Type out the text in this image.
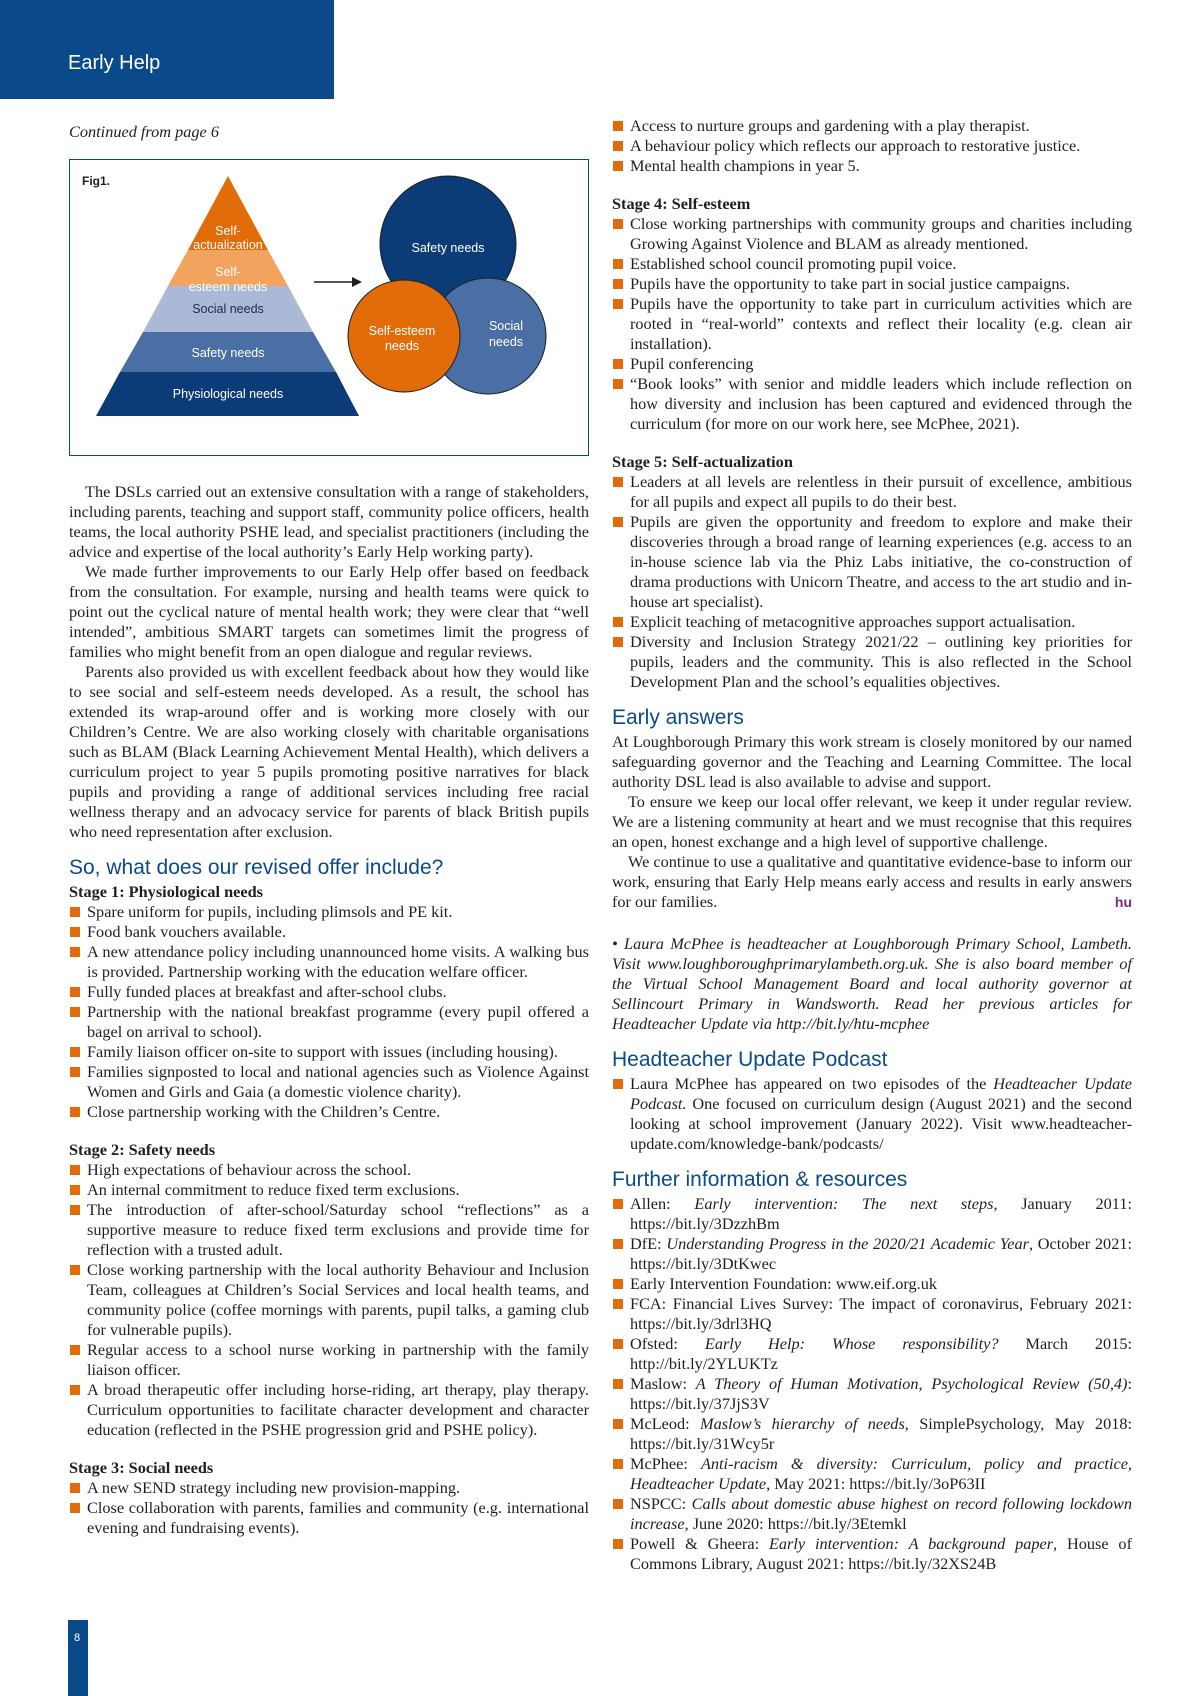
Early Help

Continued from page 6

Fig1.
Self-
actualization
Self-
esteem needs
Social needs
Safety needs
Physiological needs
Safety needs
Self-esteem
needs
Social
needs

The DSLs carried out an extensive consultation with a range of stakeholders, including parents, teaching and support staff, community police officers, health teams, the local authority PSHE lead, and specialist practitioners (including the advice and expertise of the local authority’s Early Help working party).

We made further improvements to our Early Help offer based on feedback from the consultation. For example, nursing and health teams were quick to point out the cyclical nature of mental health work; they were clear that “well intended”, ambitious SMART targets can sometimes limit the progress of families who might benefit from an open dialogue and regular reviews.

Parents also provided us with excellent feedback about how they would like to see social and self-esteem needs developed. As a result, the school has extended its wrap-around offer and is working more closely with our Children’s Centre. We are also working closely with charitable organisations such as BLAM (Black Learning Achievement Mental Health), which delivers a curriculum project to year 5 pupils promoting positive narratives for black pupils and providing a range of additional services including free racial wellness therapy and an advocacy service for parents of black British pupils who need representation after exclusion.

So, what does our revised offer include?
Stage 1: Physiological needs
Spare uniform for pupils, including plimsols and PE kit.
Food bank vouchers available.
A new attendance policy including unannounced home visits. A walking bus is provided. Partnership working with the education welfare officer.
Fully funded places at breakfast and after-school clubs.
Partnership with the national breakfast programme (every pupil offered a bagel on arrival to school).
Family liaison officer on-site to support with issues (including housing).
Families signposted to local and national agencies such as Violence Against Women and Girls and Gaia (a domestic violence charity).
Close partnership working with the Children’s Centre.
Stage 2: Safety needs
High expectations of behaviour across the school.
An internal commitment to reduce fixed term exclusions.
The introduction of after-school/Saturday school “reflections” as a supportive measure to reduce fixed term exclusions and provide time for reflection with a trusted adult.
Close working partnership with the local authority Behaviour and Inclusion Team, colleagues at Children’s Social Services and local health teams, and community police (coffee mornings with parents, pupil talks, a gaming club for vulnerable pupils).
Regular access to a school nurse working in partnership with the family liaison officer.
A broad therapeutic offer including horse-riding, art therapy, play therapy. Curriculum opportunities to facilitate character development and character education (reflected in the PSHE progression grid and PSHE policy).
Stage 3: Social needs
A new SEND strategy including new provision-mapping.
Close collaboration with parents, families and community (e.g. international evening and fundraising events).
Access to nurture groups and gardening with a play therapist.
A behaviour policy which reflects our approach to restorative justice.
Mental health champions in year 5.
Stage 4: Self-esteem
Close working partnerships with community groups and charities including Growing Against Violence and BLAM as already mentioned.
Established school council promoting pupil voice.
Pupils have the opportunity to take part in social justice campaigns.
Pupils have the opportunity to take part in curriculum activities which are rooted in “real-world” contexts and reflect their locality (e.g. clean air installation).
Pupil conferencing
“Book looks” with senior and middle leaders which include reflection on how diversity and inclusion has been captured and evidenced through the curriculum (for more on our work here, see McPhee, 2021).
Stage 5: Self-actualization
Leaders at all levels are relentless in their pursuit of excellence, ambitious for all pupils and expect all pupils to do their best.
Pupils are given the opportunity and freedom to explore and make their discoveries through a broad range of learning experiences (e.g. access to an in-house science lab via the Phiz Labs initiative, the co-construction of drama productions with Unicorn Theatre, and access to the art studio and in-house art specialist).
Explicit teaching of metacognitive approaches support actualisation.
Diversity and Inclusion Strategy 2021/22 – outlining key priorities for pupils, leaders and the community. This is also reflected in the School Development Plan and the school’s equalities objectives.
Early answers

At Loughborough Primary this work stream is closely monitored by our named safeguarding governor and the Teaching and Learning Committee. The local authority DSL lead is also available to advise and support.

To ensure we keep our local offer relevant, we keep it under regular review. We are a listening community at heart and we must recognise that this requires an open, honest exchange and a high level of supportive challenge.

We continue to use a qualitative and quantitative evidence-base to inform our work, ensuring that Early Help means early access and results in early answers for our families.	hu

• Laura McPhee is headteacher at Loughborough Primary School, Lambeth. Visit www.loughboroughprimarylambeth.org.uk. She is also board member of the Virtual School Management Board and local authority governor at Sellincourt Primary in Wandsworth. Read her previous articles for Headteacher Update via http://bit.ly/htu-mcphee

Headteacher Update Podcast
Laura McPhee has appeared on two episodes of the Headteacher Update Podcast. One focused on curriculum design (August 2021) and the second looking at school improvement (January 2022). Visit www.headteacher-update.com/knowledge-bank/podcasts/
Further information & resources
Allen: Early intervention: The next steps, January 2011: https://bit.ly/3DzzhBm
DfE: Understanding Progress in the 2020/21 Academic Year, October 2021: https://bit.ly/3DtKwec
Early Intervention Foundation: www.eif.org.uk
FCA: Financial Lives Survey: The impact of coronavirus, February 2021: https://bit.ly/3drl3HQ
Ofsted: Early Help: Whose responsibility? March 2015: http://bit.ly/2YLUKTz
Maslow: A Theory of Human Motivation, Psychological Review (50,4): https://bit.ly/37JjS3V
McLeod: Maslow’s hierarchy of needs, SimplePsychology, May 2018: https://bit.ly/31Wcy5r
McPhee: Anti-racism & diversity: Curriculum, policy and practice, Headteacher Update, May 2021: https://bit.ly/3oP63II
NSPCC: Calls about domestic abuse highest on record following lockdown increase, June 2020: https://bit.ly/3Etemkl
Powell & Gheera: Early intervention: A background paper, House of Commons Library, August 2021: https://bit.ly/32XS24B
8
